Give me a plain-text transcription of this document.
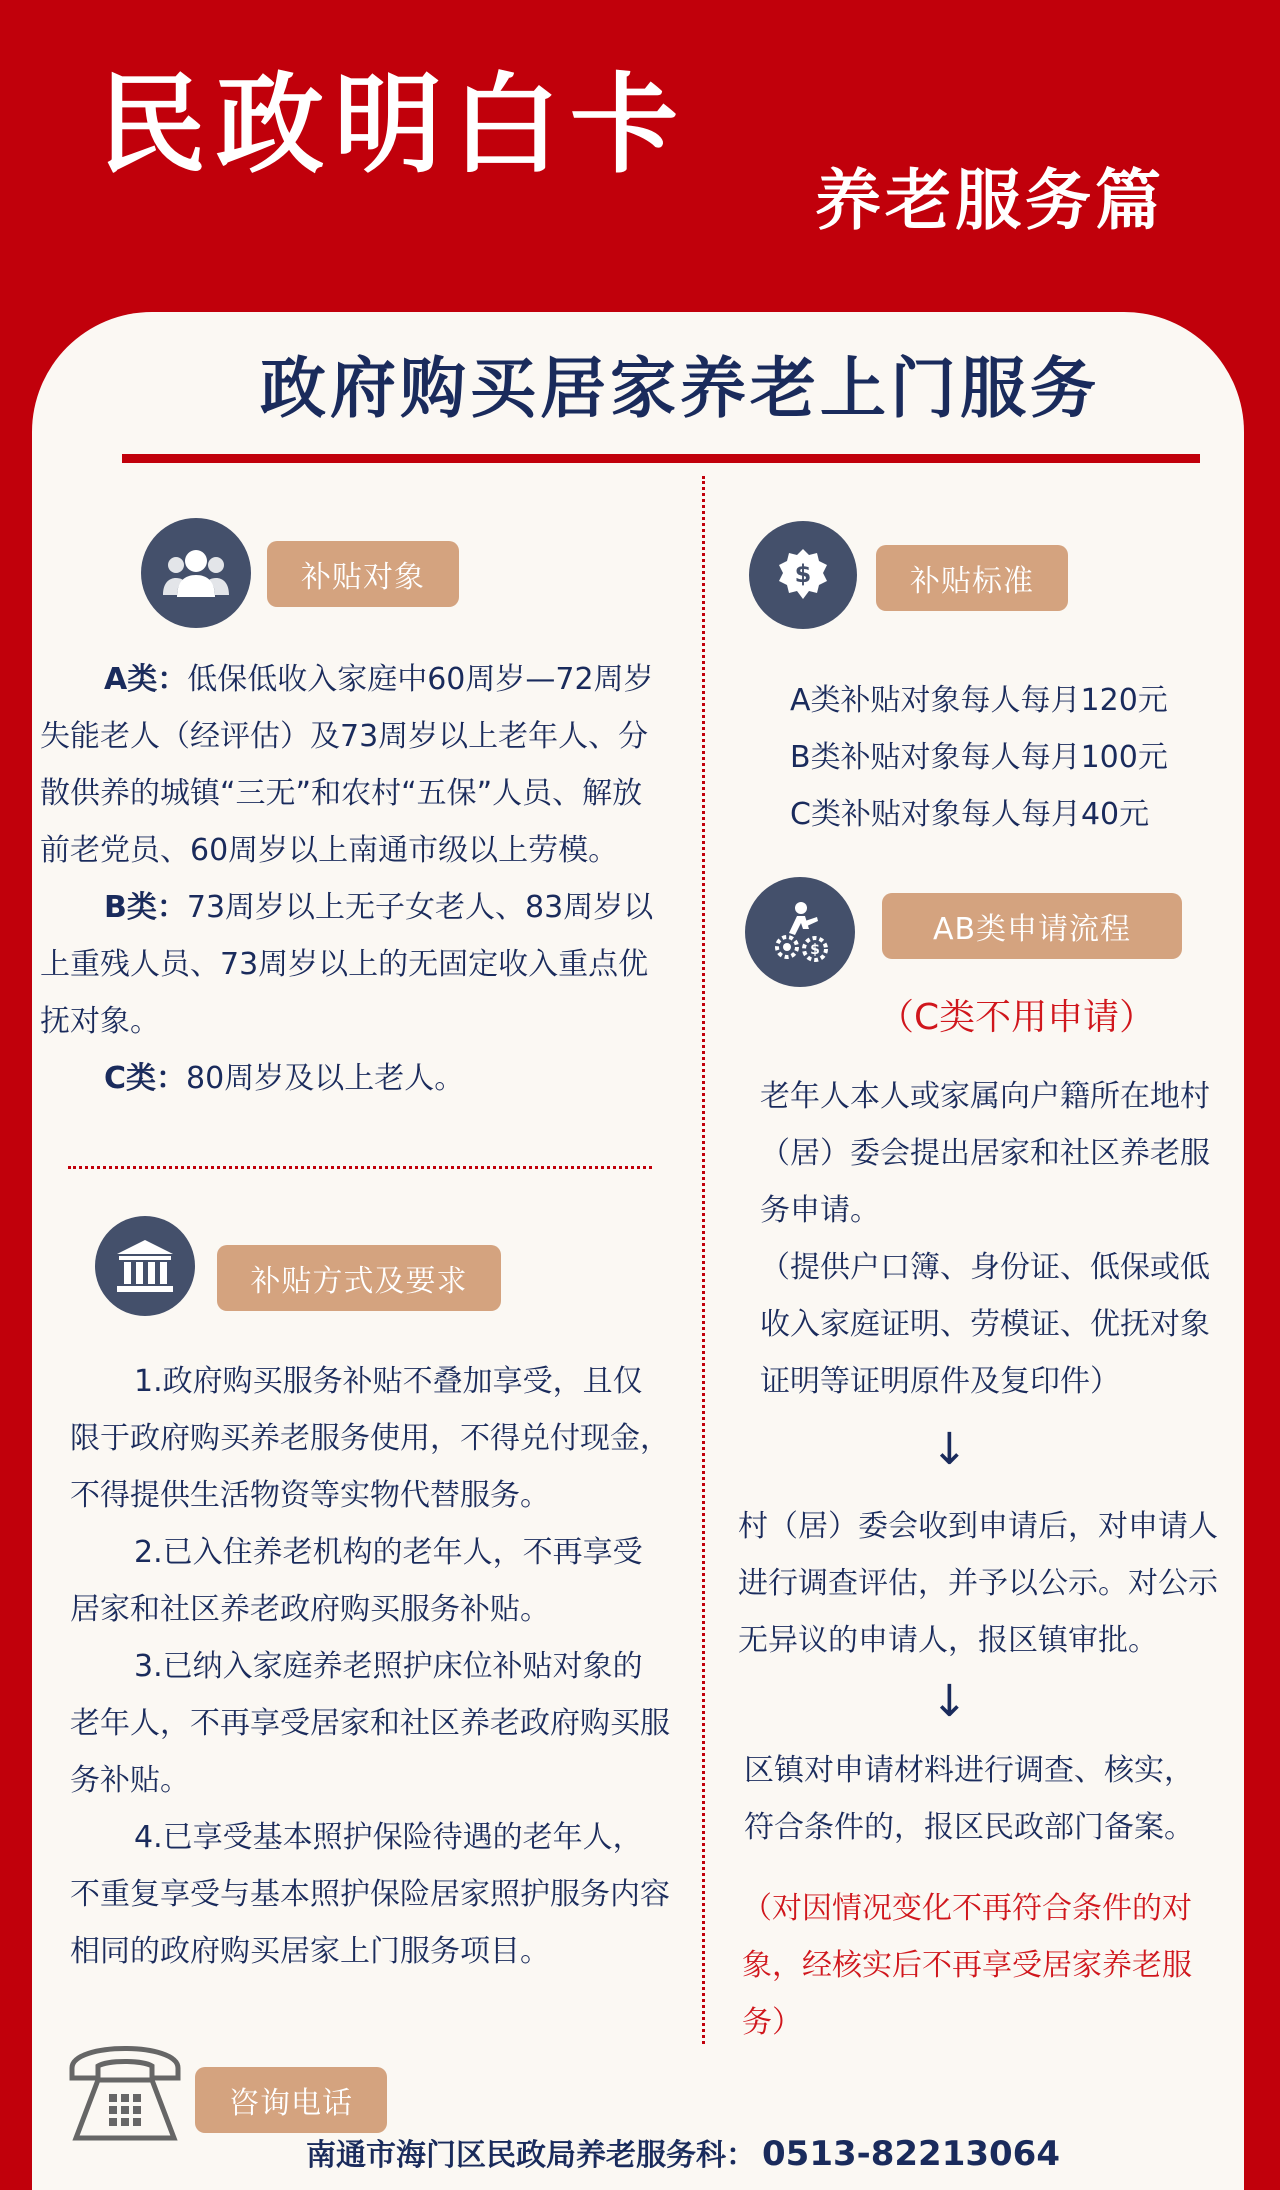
民政明白卡
养老服务篇
政府购买居家养老上门服务
补贴对象

A类：低保低收入家庭中60周岁—72周岁失能老人（经评估）及73周岁以上老年人、分散供养的城镇“三无”和农村“五保”人员、解放前老党员、60周岁以上南通市级以上劳模。

B类：73周岁以上无子女老人、83周岁以上重残人员、73周岁以上的无固定收入重点优抚对象。

C类：80周岁及以上老人。

补贴方式及要求

1.政府购买服务补贴不叠加享受，且仅限于政府购买养老服务使用，不得兑付现金，不得提供生活物资等实物代替服务。

2.已入住养老机构的老年人，不再享受居家和社区养老政府购买服务补贴。

3.已纳入家庭养老照护床位补贴对象的老年人，不再享受居家和社区养老政府购买服务补贴。

4.已享受基本照护保险待遇的老年人，不重复享受与基本照护保险居家照护服务内容相同的政府购买居家上门服务项目。

$	补贴标准

A类补贴对象每人每月120元

B类补贴对象每人每月100元

C类补贴对象每人每月40元

$
AB类申请流程
（C类不用申请）

老年人本人或家属向户籍所在地村（居）委会提出居家和社区养老服务申请。

（提供户口簿、身份证、低保或低收入家庭证明、劳模证、优抚对象证明等证明原件及复印件）

↓
村（居）委会收到申请后，对申请人进行调查评估，并予以公示。对公示无异议的申请人，报区镇审批。
↓
区镇对申请材料进行调查、核实，符合条件的，报区民政部门备案。
（对因情况变化不再符合条件的对象，经核实后不再享受居家养老服务）
咨询电话
南通市海门区民政局养老服务科： 0513-82213064
